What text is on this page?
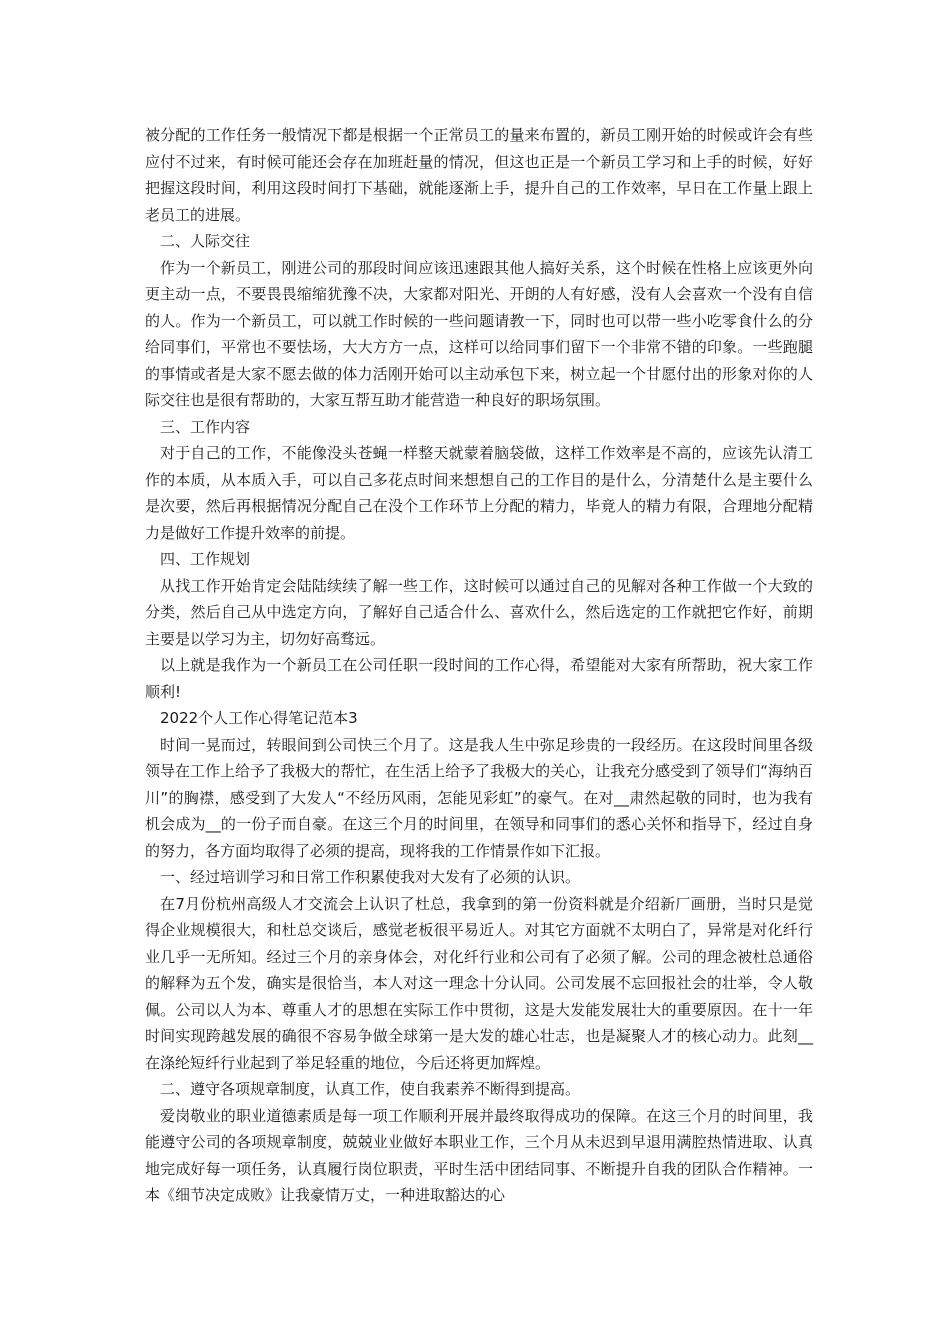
被分配的工作任务一般情况下都是根据一个正常员工的量来布置的，新员工刚开始的时候或许会有些应付不过来，有时候可能还会存在加班赶量的情况，但这也正是一个新员工学习和上手的时候，好好把握这段时间，利用这段时间打下基础，就能逐渐上手，提升自己的工作效率，早日在工作量上跟上老员工的进展。

二、人际交往

作为一个新员工，刚进公司的那段时间应该迅速跟其他人搞好关系，这个时候在性格上应该更外向更主动一点，不要畏畏缩缩犹豫不决，大家都对阳光、开朗的人有好感，没有人会喜欢一个没有自信的人。作为一个新员工，可以就工作时候的一些问题请教一下，同时也可以带一些小吃零食什么的分给同事们，平常也不要怯场，大大方方一点，这样可以给同事们留下一个非常不错的印象。一些跑腿的事情或者是大家不愿去做的体力活刚开始可以主动承包下来，树立起一个甘愿付出的形象对你的人际交往也是很有帮助的，大家互帮互助才能营造一种良好的职场氛围。

三、工作内容

对于自己的工作，不能像没头苍蝇一样整天就蒙着脑袋做，这样工作效率是不高的，应该先认清工作的本质，从本质入手，可以自己多花点时间来想想自己的工作目的是什么，分清楚什么是主要什么是次要，然后再根据情况分配自己在没个工作环节上分配的精力，毕竟人的精力有限，合理地分配精力是做好工作提升效率的前提。

四、工作规划

从找工作开始肯定会陆陆续续了解一些工作，这时候可以通过自己的见解对各种工作做一个大致的分类，然后自己从中选定方向，了解好自己适合什么、喜欢什么，然后选定的工作就把它作好，前期主要是以学习为主，切勿好高骛远。

以上就是我作为一个新员工在公司任职一段时间的工作心得，希望能对大家有所帮助，祝大家工作顺利!

2022个人工作心得笔记范本3

时间一晃而过，转眼间到公司快三个月了。这是我人生中弥足珍贵的一段经历。在这段时间里各级领导在工作上给予了我极大的帮忙，在生活上给予了我极大的关心，让我充分感受到了领导们“海纳百川”的胸襟，感受到了大发人“不经历风雨，怎能见彩虹”的豪气。在对__肃然起敬的同时，也为我有机会成为__的一份子而自豪。在这三个月的时间里，在领导和同事们的悉心关怀和指导下，经过自身的努力，各方面均取得了必须的提高，现将我的工作情景作如下汇报。

一、经过培训学习和日常工作积累使我对大发有了必须的认识。

在7月份杭州高级人才交流会上认识了杜总，我拿到的第一份资料就是介绍新厂画册，当时只是觉得企业规模很大，和杜总交谈后，感觉老板很平易近人。对其它方面就不太明白了，异常是对化纤行业几乎一无所知。经过三个月的亲身体会，对化纤行业和公司有了必须了解。公司的理念被杜总通俗的解释为五个发，确实是很恰当，本人对这一理念十分认同。公司发展不忘回报社会的壮举，令人敬佩。公司以人为本、尊重人才的思想在实际工作中贯彻，这是大发能发展壮大的重要原因。在十一年时间实现跨越发展的确很不容易争做全球第一是大发的雄心壮志，也是凝聚人才的核心动力。此刻__在涤纶短纤行业起到了举足轻重的地位，今后还将更加辉煌。

二、遵守各项规章制度，认真工作，使自我素养不断得到提高。

爱岗敬业的职业道德素质是每一项工作顺利开展并最终取得成功的保障。在这三个月的时间里，我能遵守公司的各项规章制度，兢兢业业做好本职业工作，三个月从未迟到早退用满腔热情进取、认真地完成好每一项任务，认真履行岗位职责，平时生活中团结同事、不断提升自我的团队合作精神。一本《细节决定成败》让我豪情万丈，一种进取豁达的心
